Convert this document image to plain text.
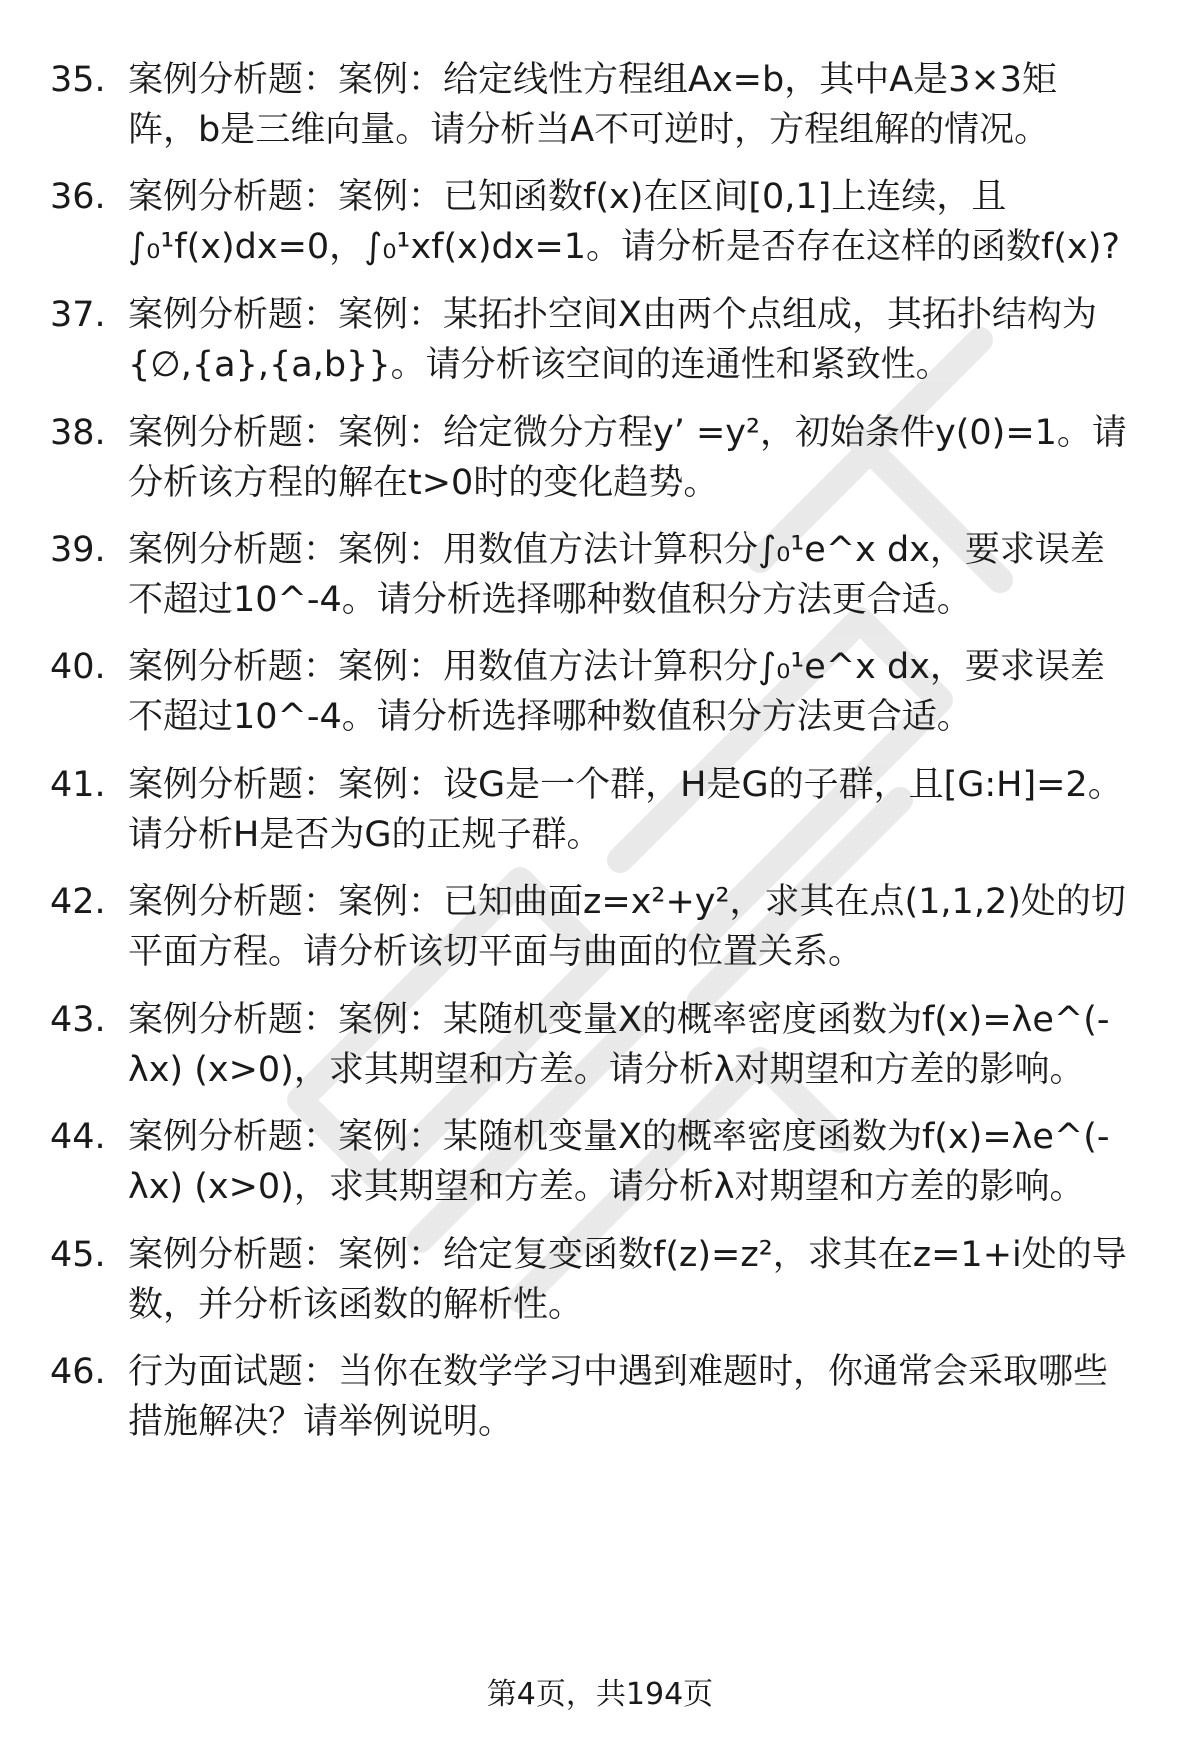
35. 案例分析题：案例：给定线性方程组Ax=b，其中A是3×3矩
阵，b是三维向量。请分析当A不可逆时，方程组解的情况。
36. 案例分析题：案例：已知函数f(x)在区间[0,1]上连续，且
∫₀¹f(x)dx=0，∫₀¹xf(x)dx=1。请分析是否存在这样的函数f(x)?
37. 案例分析题：案例：某拓扑空间X由两个点组成，其拓扑结构为
{∅,{a},{a,b}}。请分析该空间的连通性和紧致性。
38. 案例分析题：案例：给定微分方程y’ =y²，初始条件y(0)=1。请
分析该方程的解在t>0时的变化趋势。
39. 案例分析题：案例：用数值方法计算积分∫₀¹e^x dx，要求误差
不超过10^-4。请分析选择哪种数值积分方法更合适。
40. 案例分析题：案例：用数值方法计算积分∫₀¹e^x dx，要求误差
不超过10^-4。请分析选择哪种数值积分方法更合适。
41. 案例分析题：案例：设G是一个群，H是G的子群，且[G:H]=2。
请分析H是否为G的正规子群。
42. 案例分析题：案例：已知曲面z=x²+y²，求其在点(1,1,2)处的切
平面方程。请分析该切平面与曲面的位置关系。
43. 案例分析题：案例：某随机变量X的概率密度函数为f(x)=λe^(-
λx) (x>0)，求其期望和方差。请分析λ对期望和方差的影响。
44. 案例分析题：案例：某随机变量X的概率密度函数为f(x)=λe^(-
λx) (x>0)，求其期望和方差。请分析λ对期望和方差的影响。
45. 案例分析题：案例：给定复变函数f(z)=z²，求其在z=1+i处的导
数，并分析该函数的解析性。
46. 行为面试题：当你在数学学习中遇到难题时，你通常会采取哪些
措施解决？请举例说明。
第4页，共194页
